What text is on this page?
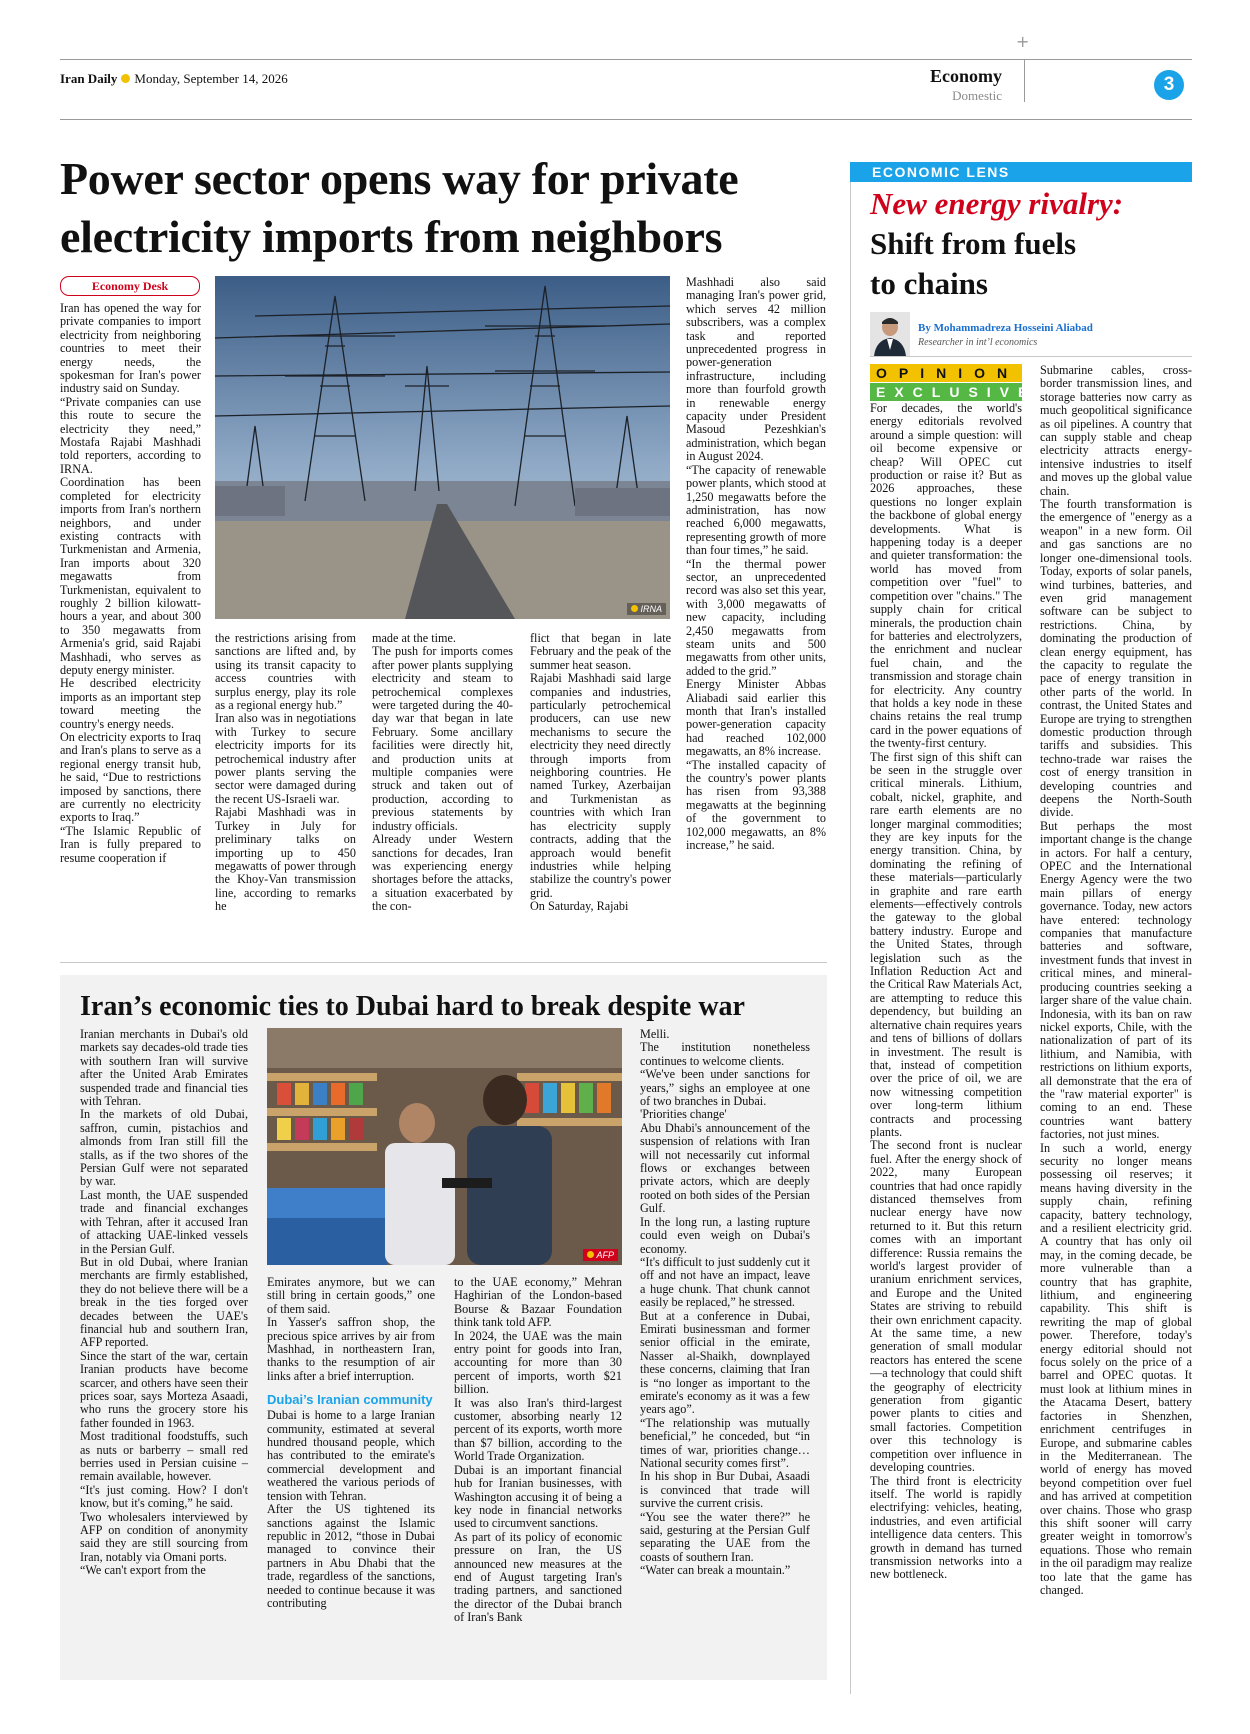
+
Iran Daily Monday, September 14, 2026	Economy
Domestic
3
Power sector opens way for private
electricity imports from neighbors
Economy Desk

Iran has opened the way for private companies to import electricity from neighboring countries to meet their energy needs, the spokesman for Iran's power industry said on Sunday.

“Private companies can use this route to secure the electricity they need,” Mostafa Rajabi Mashhadi told reporters, according to IRNA.

Coordination has been completed for electricity imports from Iran's northern neighbors, and under existing contracts with Turkmenistan and Armenia, Iran imports about 320 megawatts from Turkmenistan, equivalent to roughly 2 billion kilowatt-hours a year, and about 300 to 350 megawatts from Armenia's grid, said Rajabi Mashhadi, who serves as deputy energy minister.

He described electricity imports as an important step toward meeting the country's energy needs.

On electricity exports to Iraq and Iran's plans to serve as a regional energy transit hub, he said, “Due to restrictions imposed by sanctions, there are currently no electricity exports to Iraq.”

“The Islamic Republic of Iran is fully prepared to resume cooperation if

IRNA

the restrictions arising from sanctions are lifted and, by using its transit capacity to access countries with surplus energy, play its role as a regional energy hub.”

Iran also was in negotiations with Turkey to secure electricity imports for its petrochemical industry after power plants serving the sector were damaged during the recent US-Israeli war.

Rajabi Mashhadi was in Turkey in July for preliminary talks on importing up to 450 megawatts of power through the Khoy-Van transmission line, according to remarks he

made at the time.

The push for imports comes after power plants supplying electricity and steam to petrochemical complexes were targeted during the 40-day war that began in late February. Some ancillary facilities were directly hit, and production units at multiple companies were struck and taken out of production, according to previous statements by industry officials.

Already under Western sanctions for decades, Iran was experiencing energy shortages before the attacks, a situation exacerbated by the con-

flict that began in late February and the peak of the summer heat season.

Rajabi Mashhadi said large companies and industries, particularly petrochemical producers, can use new mechanisms to secure the electricity they need directly through imports from neighboring countries. He named Turkey, Azerbaijan and Turkmenistan as countries with which Iran has electricity supply contracts, adding that the approach would benefit industries while helping stabilize the country's power grid.

On Saturday, Rajabi

Mashhadi also said managing Iran's power grid, which serves 42 million subscribers, was a complex task and reported unprecedented progress in power-generation infrastructure, including more than fourfold growth in renewable energy capacity under President Masoud Pezeshkian's administration, which began in August 2024.

“The capacity of renewable power plants, which stood at 1,250 megawatts before the administration, has now reached 6,000 megawatts, representing growth of more than four times,” he said.

“In the thermal power sector, an unprecedented record was also set this year, with 3,000 megawatts of new capacity, including 2,450 megawatts from steam units and 500 megawatts from other units, added to the grid.”

Energy Minister Abbas Aliabadi said earlier this month that Iran's installed power-generation capacity had reached 102,000 megawatts, an 8% increase.

“The installed capacity of the country's power plants has risen from 93,388 megawatts at the beginning of the government to 102,000 megawatts, an 8% increase,” he said.

Iran’s economic ties to Dubai hard to break despite war

Iranian merchants in Dubai's old markets say decades-old trade ties with southern Iran will survive after the United Arab Emirates suspended trade and financial ties with Tehran.

In the markets of old Dubai, saffron, cumin, pistachios and almonds from Iran still fill the stalls, as if the two shores of the Persian Gulf were not separated by war.

Last month, the UAE suspended trade and financial exchanges with Tehran, after it accused Iran of attacking UAE-linked vessels in the Persian Gulf.

But in old Dubai, where Iranian merchants are firmly established, they do not believe there will be a break in the ties forged over decades between the UAE's financial hub and southern Iran, AFP reported.

Since the start of the war, certain Iranian products have become scarcer, and others have seen their prices soar, says Morteza Asaadi, who runs the grocery store his father founded in 1963.

Most traditional foodstuffs, such as nuts or barberry – small red berries used in Persian cuisine – remain available, however.

“It's just coming. How? I don't know, but it's coming,” he said.

Two wholesalers interviewed by AFP on condition of anonymity said they are still sourcing from Iran, notably via Omani ports.

“We can't export from the

AFP

Emirates anymore, but we can still bring in certain goods,” one of them said.

In Yasser's saffron shop, the precious spice arrives by air from Mashhad, in northeastern Iran, thanks to the resumption of air links after a brief interruption.

Dubai’s Iranian community

Dubai is home to a large Iranian community, estimated at several hundred thousand people, which has contributed to the emirate's commercial development and weathered the various periods of tension with Tehran.

After the US tightened its sanctions against the Islamic republic in 2012, “those in Dubai managed to convince their partners in Abu Dhabi that the trade, regardless of the sanctions, needed to continue because it was contributing

to the UAE economy,” Mehran Haghirian of the London-based Bourse & Bazaar Foundation think tank told AFP.

In 2024, the UAE was the main entry point for goods into Iran, accounting for more than 30 percent of imports, worth $21 billion.

It was also Iran's third-largest customer, absorbing nearly 12 percent of its exports, worth more than $7 billion, according to the World Trade Organization.

Dubai is an important financial hub for Iranian businesses, with Washington accusing it of being a key node in financial networks used to circumvent sanctions.

As part of its policy of economic pressure on Iran, the US announced new measures at the end of August targeting Iran's trading partners, and sanctioned the director of the Dubai branch of Iran's Bank

Melli.

The institution nonetheless continues to welcome clients.

“We've been under sanctions for years,” sighs an employee at one of two branches in Dubai.

'Priorities change'

Abu Dhabi's announcement of the suspension of relations with Iran will not necessarily cut informal flows or exchanges between private actors, which are deeply rooted on both sides of the Persian Gulf.

In the long run, a lasting rupture could even weigh on Dubai's economy.

“It's difficult to just suddenly cut it off and not have an impact, leave a huge chunk. That chunk cannot easily be replaced,” he stressed.

But at a conference in Dubai, Emirati businessman and former senior official in the emirate, Nasser al-Shaikh, downplayed these concerns, claiming that Iran is “no longer as important to the emirate's economy as it was a few years ago”.

“The relationship was mutually beneficial,” he conceded, but “in times of war, priorities change… National security comes first”.

In his shop in Bur Dubai, Asaadi is convinced that trade will survive the current crisis.

“You see the water there?” he said, gesturing at the Persian Gulf separating the UAE from the coasts of southern Iran.

“Water can break a mountain.”

ECONOMIC LENS
New energy rivalry:
Shift from fuels
to chains
By Mohammadreza Hosseini Aliabad
Researcher in int’l economics
OPINION
EXCLUSIVE

For decades, the world's energy editorials revolved around a simple question: will oil become expensive or cheap? Will OPEC cut production or raise it? But as 2026 approaches, these questions no longer explain the backbone of global energy developments. What is happening today is a deeper and quieter transformation: the world has moved from competition over "fuel" to competition over "chains." The supply chain for critical minerals, the production chain for batteries and electrolyzers, the enrichment and nuclear fuel chain, and the transmission and storage chain for electricity. Any country that holds a key node in these chains retains the real trump card in the power equations of the twenty-first century.

The first sign of this shift can be seen in the struggle over critical minerals. Lithium, cobalt, nickel, graphite, and rare earth elements are no longer marginal commodities; they are key inputs for the energy transition. China, by dominating the refining of these materials—particularly in graphite and rare earth elements—effectively controls the gateway to the global battery industry. Europe and the United States, through legislation such as the Inflation Reduction Act and the Critical Raw Materials Act, are attempting to reduce this dependency, but building an alternative chain requires years and tens of billions of dollars in investment. The result is that, instead of competition over the price of oil, we are now witnessing competition over long-term lithium contracts and processing plants.

The second front is nuclear fuel. After the energy shock of 2022, many European countries that had once rapidly distanced themselves from nuclear energy have now returned to it. But this return comes with an important difference: Russia remains the world's largest provider of uranium enrichment services, and Europe and the United States are striving to rebuild their own enrichment capacity. At the same time, a new generation of small modular reactors has entered the scene—a technology that could shift the geography of electricity generation from gigantic power plants to cities and small factories. Competition over this technology is competition over influence in developing countries.

The third front is electricity itself. The world is rapidly electrifying: vehicles, heating, industries, and even artificial intelligence data centers. This growth in demand has turned transmission networks into a new bottleneck.

Submarine cables, cross-border transmission lines, and storage batteries now carry as much geopolitical significance as oil pipelines. A country that can supply stable and cheap electricity attracts energy-intensive industries to itself and moves up the global value chain.

The fourth transformation is the emergence of "energy as a weapon" in a new form. Oil and gas sanctions are no longer one-dimensional tools. Today, exports of solar panels, wind turbines, batteries, and even grid management software can be subject to restrictions. China, by dominating the production of clean energy equipment, has the capacity to regulate the pace of energy transition in other parts of the world. In contrast, the United States and Europe are trying to strengthen domestic production through tariffs and subsidies. This techno-trade war raises the cost of energy transition in developing countries and deepens the North-South divide.

But perhaps the most important change is the change in actors. For half a century, OPEC and the International Energy Agency were the two main pillars of energy governance. Today, new actors have entered: technology companies that manufacture batteries and software, investment funds that invest in critical mines, and mineral-producing countries seeking a larger share of the value chain. Indonesia, with its ban on raw nickel exports, Chile, with the nationalization of part of its lithium, and Namibia, with restrictions on lithium exports, all demonstrate that the era of the "raw material exporter" is coming to an end. These countries want battery factories, not just mines.

In such a world, energy security no longer means possessing oil reserves; it means having diversity in the supply chain, refining capacity, battery technology, and a resilient electricity grid. A country that has only oil may, in the coming decade, be more vulnerable than a country that has graphite, lithium, and engineering capability. This shift is rewriting the map of global power. Therefore, today's energy editorial should not focus solely on the price of a barrel and OPEC quotas. It must look at lithium mines in the Atacama Desert, battery factories in Shenzhen, enrichment centrifuges in Europe, and submarine cables in the Mediterranean. The world of energy has moved beyond competition over fuel and has arrived at competition over chains. Those who grasp this shift sooner will carry greater weight in tomorrow's equations. Those who remain in the oil paradigm may realize too late that the game has changed.
